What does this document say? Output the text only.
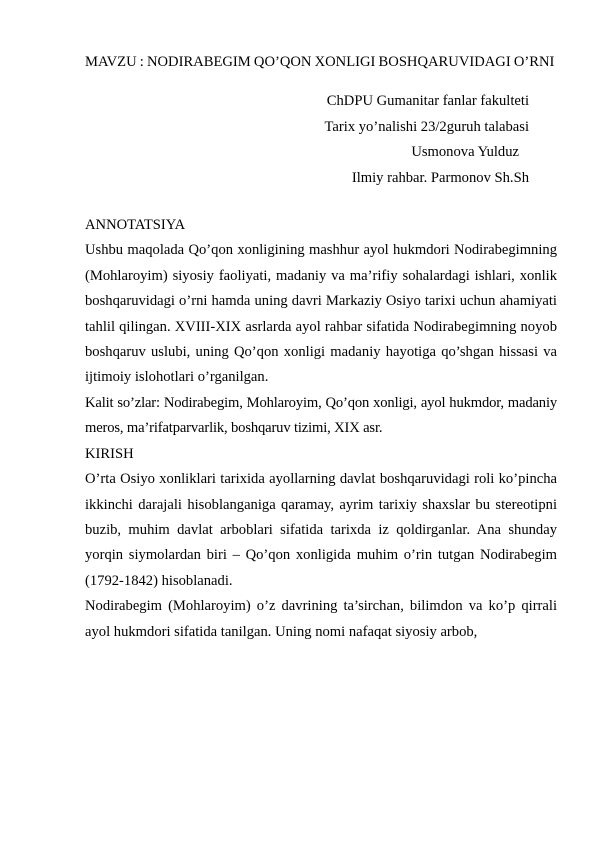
MAVZU : NODIRABEGIM QO’QON XONLIGI BOSHQARUVIDAGI O’RNI
ChDPU Gumanitar fanlar fakulteti
Tarix yo’nalishi 23/2guruh talabasi
Usmonova Yulduz
Ilmiy rahbar. Parmonov Sh.Sh
ANNOTATSIYA

Ushbu maqolada Qo’qon xonligining mashhur ayol hukmdori Nodirabegimning (Mohlaroyim) siyosiy faoliyati, madaniy va ma’rifiy sohalardagi ishlari, xonlik boshqaruvidagi o’rni hamda uning davri Markaziy Osiyo tarixi uchun ahamiyati tahlil qilingan. XVIII-XIX asrlarda ayol rahbar sifatida Nodirabegimning noyob boshqaruv uslubi, uning Qo’qon xonligi madaniy hayotiga qo’shgan hissasi va ijtimoiy islohotlari o’rganilgan.

Kalit so’zlar: Nodirabegim, Mohlaroyim, Qo’qon xonligi, ayol hukmdor, madaniy meros, ma’rifatparvarlik, boshqaruv tizimi, XIX asr.

KIRISH

O’rta Osiyo xonliklari tarixida ayollarning davlat boshqaruvidagi roli ko’pincha ikkinchi darajali hisoblanganiga qaramay, ayrim tarixiy shaxslar bu stereotipni buzib, muhim davlat arboblari sifatida tarixda iz qoldirganlar. Ana shunday yorqin siymolardan biri – Qo’qon xonligida muhim o’rin tutgan Nodirabegim (1792-1842) hisoblanadi.

Nodirabegim (Mohlaroyim) o’z davrining ta’sirchan, bilimdon va ko’p qirrali ayol hukmdori sifatida tanilgan. Uning nomi nafaqat siyosiy arbob,
